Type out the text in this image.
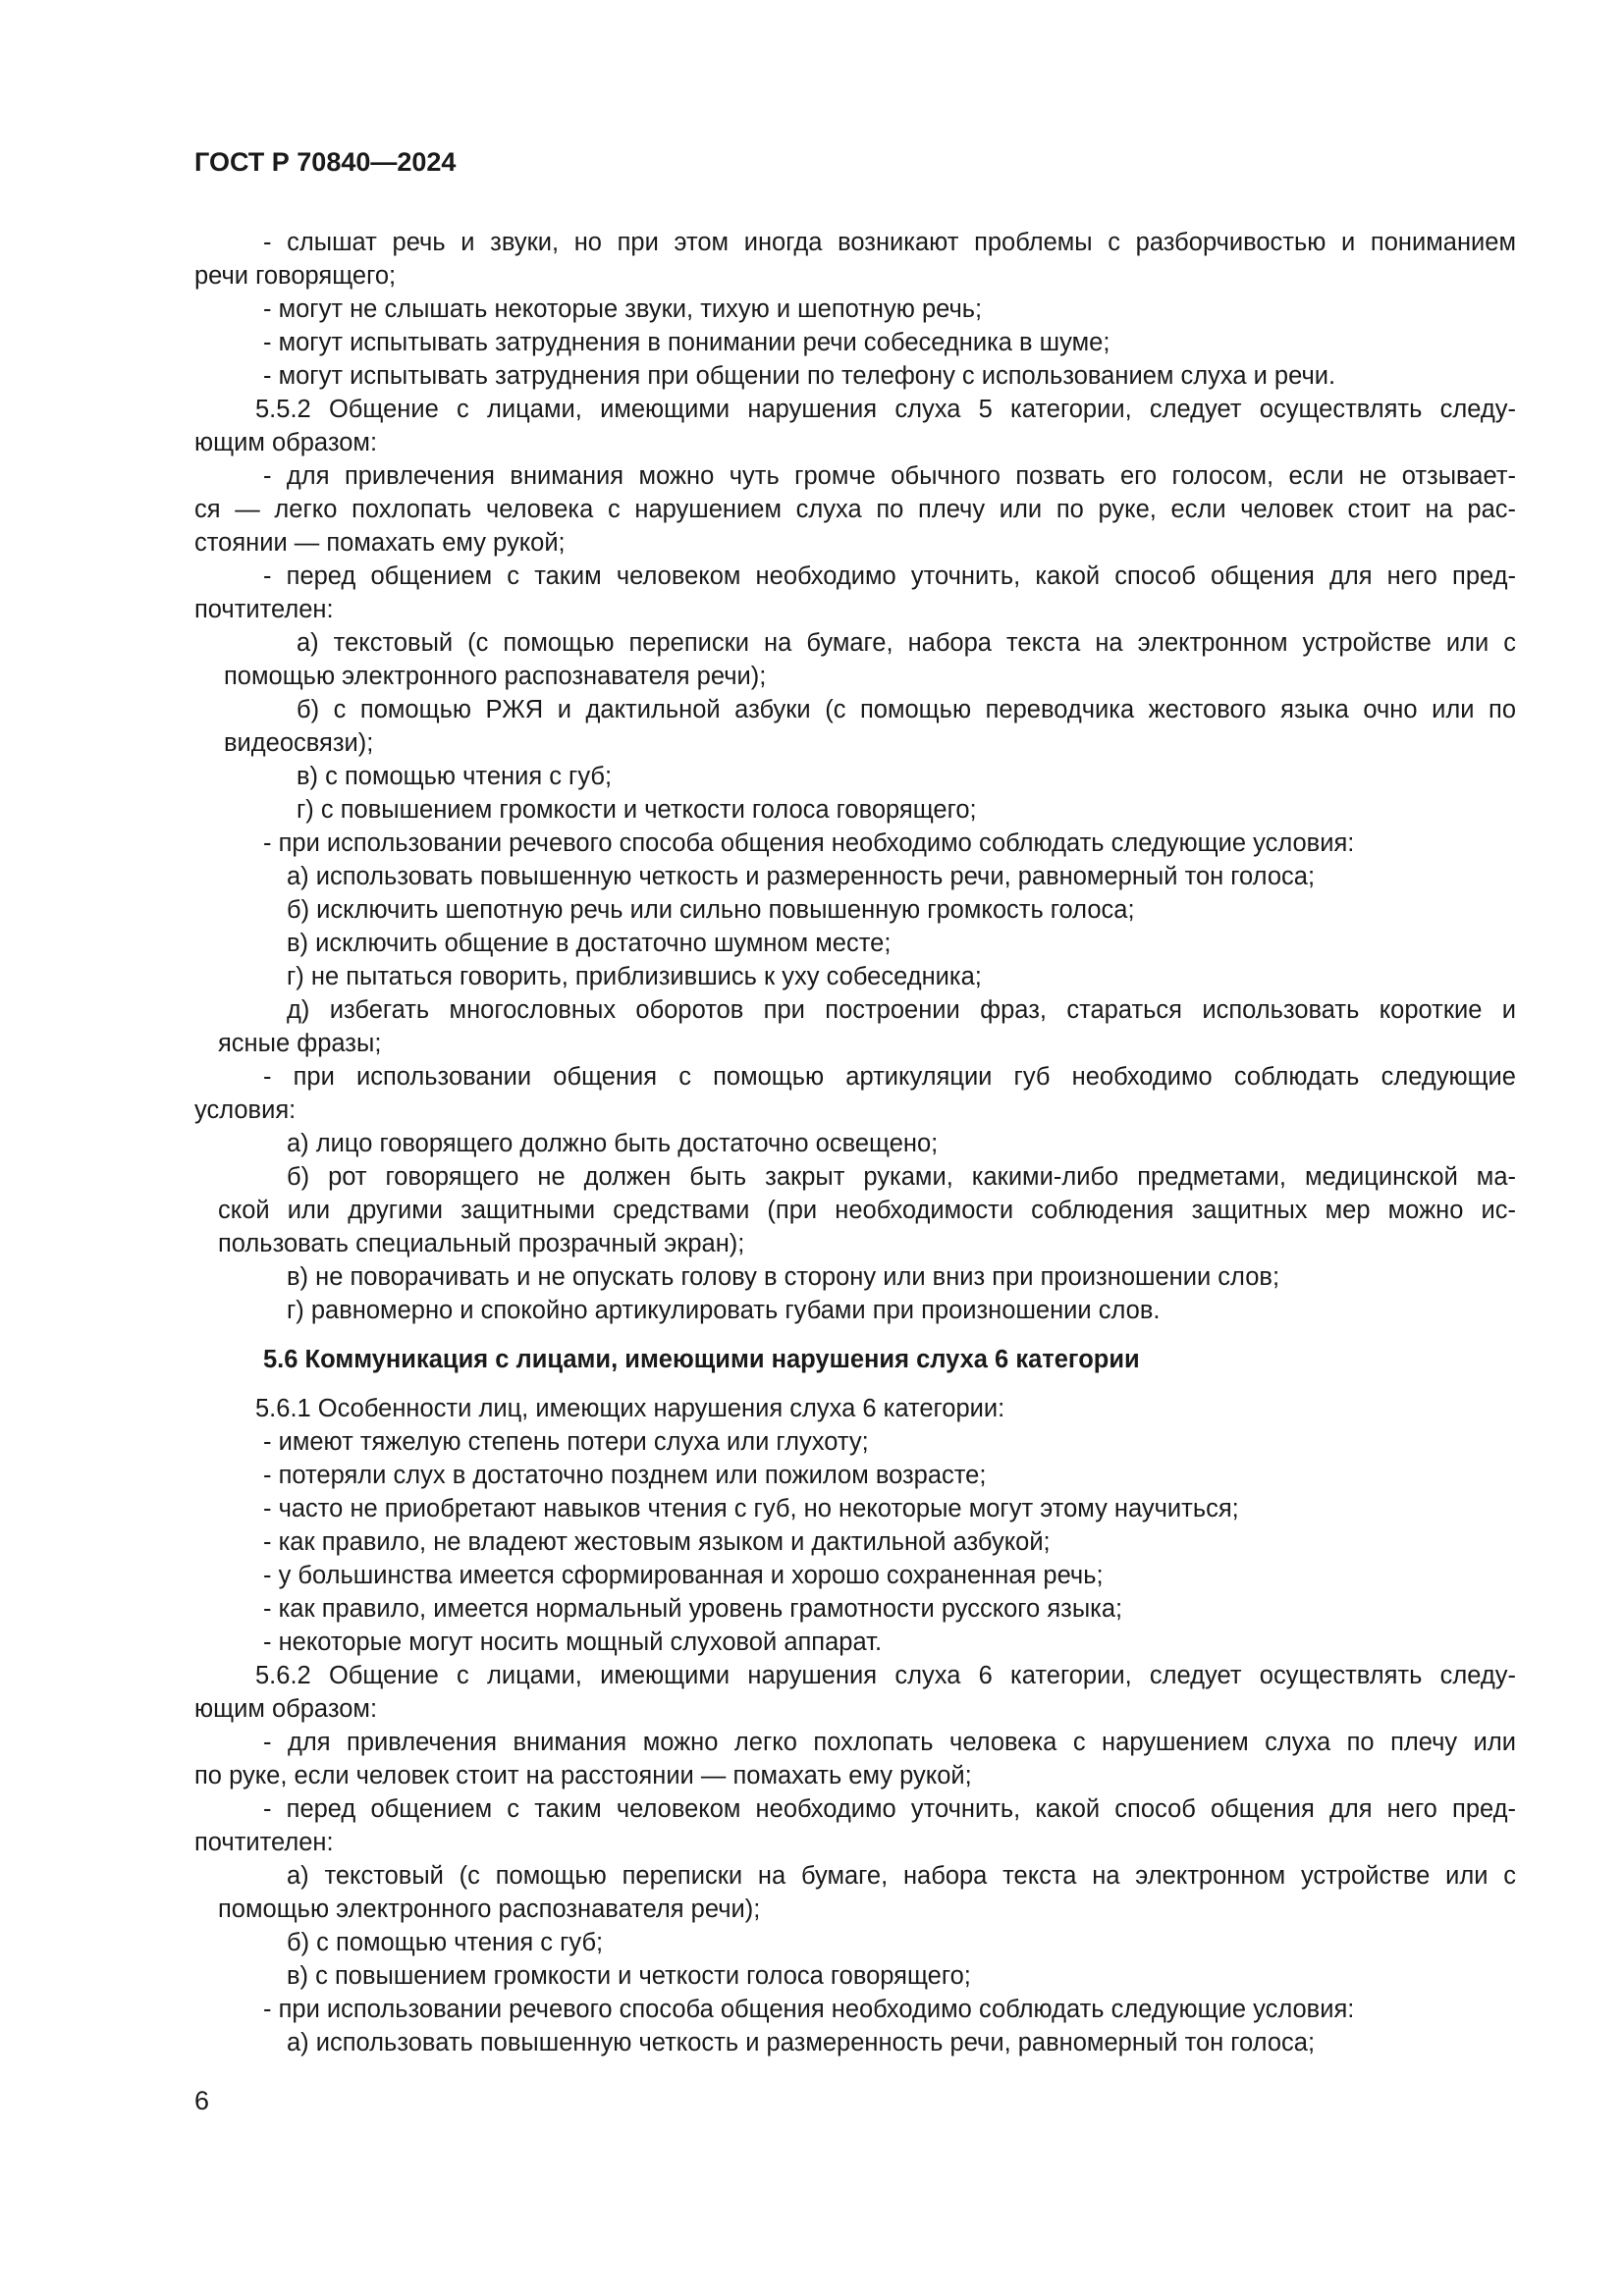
ГОСТ Р 70840—2024
- слышат речь и звуки, но при этом иногда возникают проблемы с разборчивостью и пониманием
речи говорящего;
- могут не слышать некоторые звуки, тихую и шепотную речь;
- могут испытывать затруднения в понимании речи собеседника в шуме;
- могут испытывать затруднения при общении по телефону с использованием слуха и речи.
5.5.2 Общение с лицами, имеющими нарушения слуха 5 категории, следует осуществлять следу-
ющим образом:
- для привлечения внимания можно чуть громче обычного позвать его голосом, если не отзывает-
ся — легко похлопать человека с нарушением слуха по плечу или по руке, если человек стоит на рас-
стоянии — помахать ему рукой;
- перед общением с таким человеком необходимо уточнить, какой способ общения для него пред-
почтителен:
а) текстовый (с помощью переписки на бумаге, набора текста на электронном устройстве или с
помощью электронного распознавателя речи);
б) с помощью РЖЯ и дактильной азбуки (с помощью переводчика жестового языка очно или по
видеосвязи);
в) с помощью чтения с губ;
г) с повышением громкости и четкости голоса говорящего;
- при использовании речевого способа общения необходимо соблюдать следующие условия:
а) использовать повышенную четкость и размеренность речи, равномерный тон голоса;
б) исключить шепотную речь или сильно повышенную громкость голоса;
в) исключить общение в достаточно шумном месте;
г) не пытаться говорить, приблизившись к уху собеседника;
д) избегать многословных оборотов при построении фраз, стараться использовать короткие и
ясные фразы;
- при использовании общения с помощью артикуляции губ необходимо соблюдать следующие
условия:
а) лицо говорящего должно быть достаточно освещено;
б) рот говорящего не должен быть закрыт руками, какими-либо предметами, медицинской ма-
ской или другими защитными средствами (при необходимости соблюдения защитных мер можно ис-
пользовать специальный прозрачный экран);
в) не поворачивать и не опускать голову в сторону или вниз при произношении слов;
г) равномерно и спокойно артикулировать губами при произношении слов.
5.6 Коммуникация с лицами, имеющими нарушения слуха 6 категории
5.6.1 Особенности лиц, имеющих нарушения слуха 6 категории:
- имеют тяжелую степень потери слуха или глухоту;
- потеряли слух в достаточно позднем или пожилом возрасте;
- часто не приобретают навыков чтения с губ, но некоторые могут этому научиться;
- как правило, не владеют жестовым языком и дактильной азбукой;
- у большинства имеется сформированная и хорошо сохраненная речь;
- как правило, имеется нормальный уровень грамотности русского языка;
- некоторые могут носить мощный слуховой аппарат.
5.6.2 Общение с лицами, имеющими нарушения слуха 6 категории, следует осуществлять следу-
ющим образом:
- для привлечения внимания можно легко похлопать человека с нарушением слуха по плечу или
по руке, если человек стоит на расстоянии — помахать ему рукой;
- перед общением с таким человеком необходимо уточнить, какой способ общения для него пред-
почтителен:
а) текстовый (с помощью переписки на бумаге, набора текста на электронном устройстве или с
помощью электронного распознавателя речи);
б) с помощью чтения с губ;
в) с повышением громкости и четкости голоса говорящего;
- при использовании речевого способа общения необходимо соблюдать следующие условия:
а) использовать повышенную четкость и размеренность речи, равномерный тон голоса;
6
